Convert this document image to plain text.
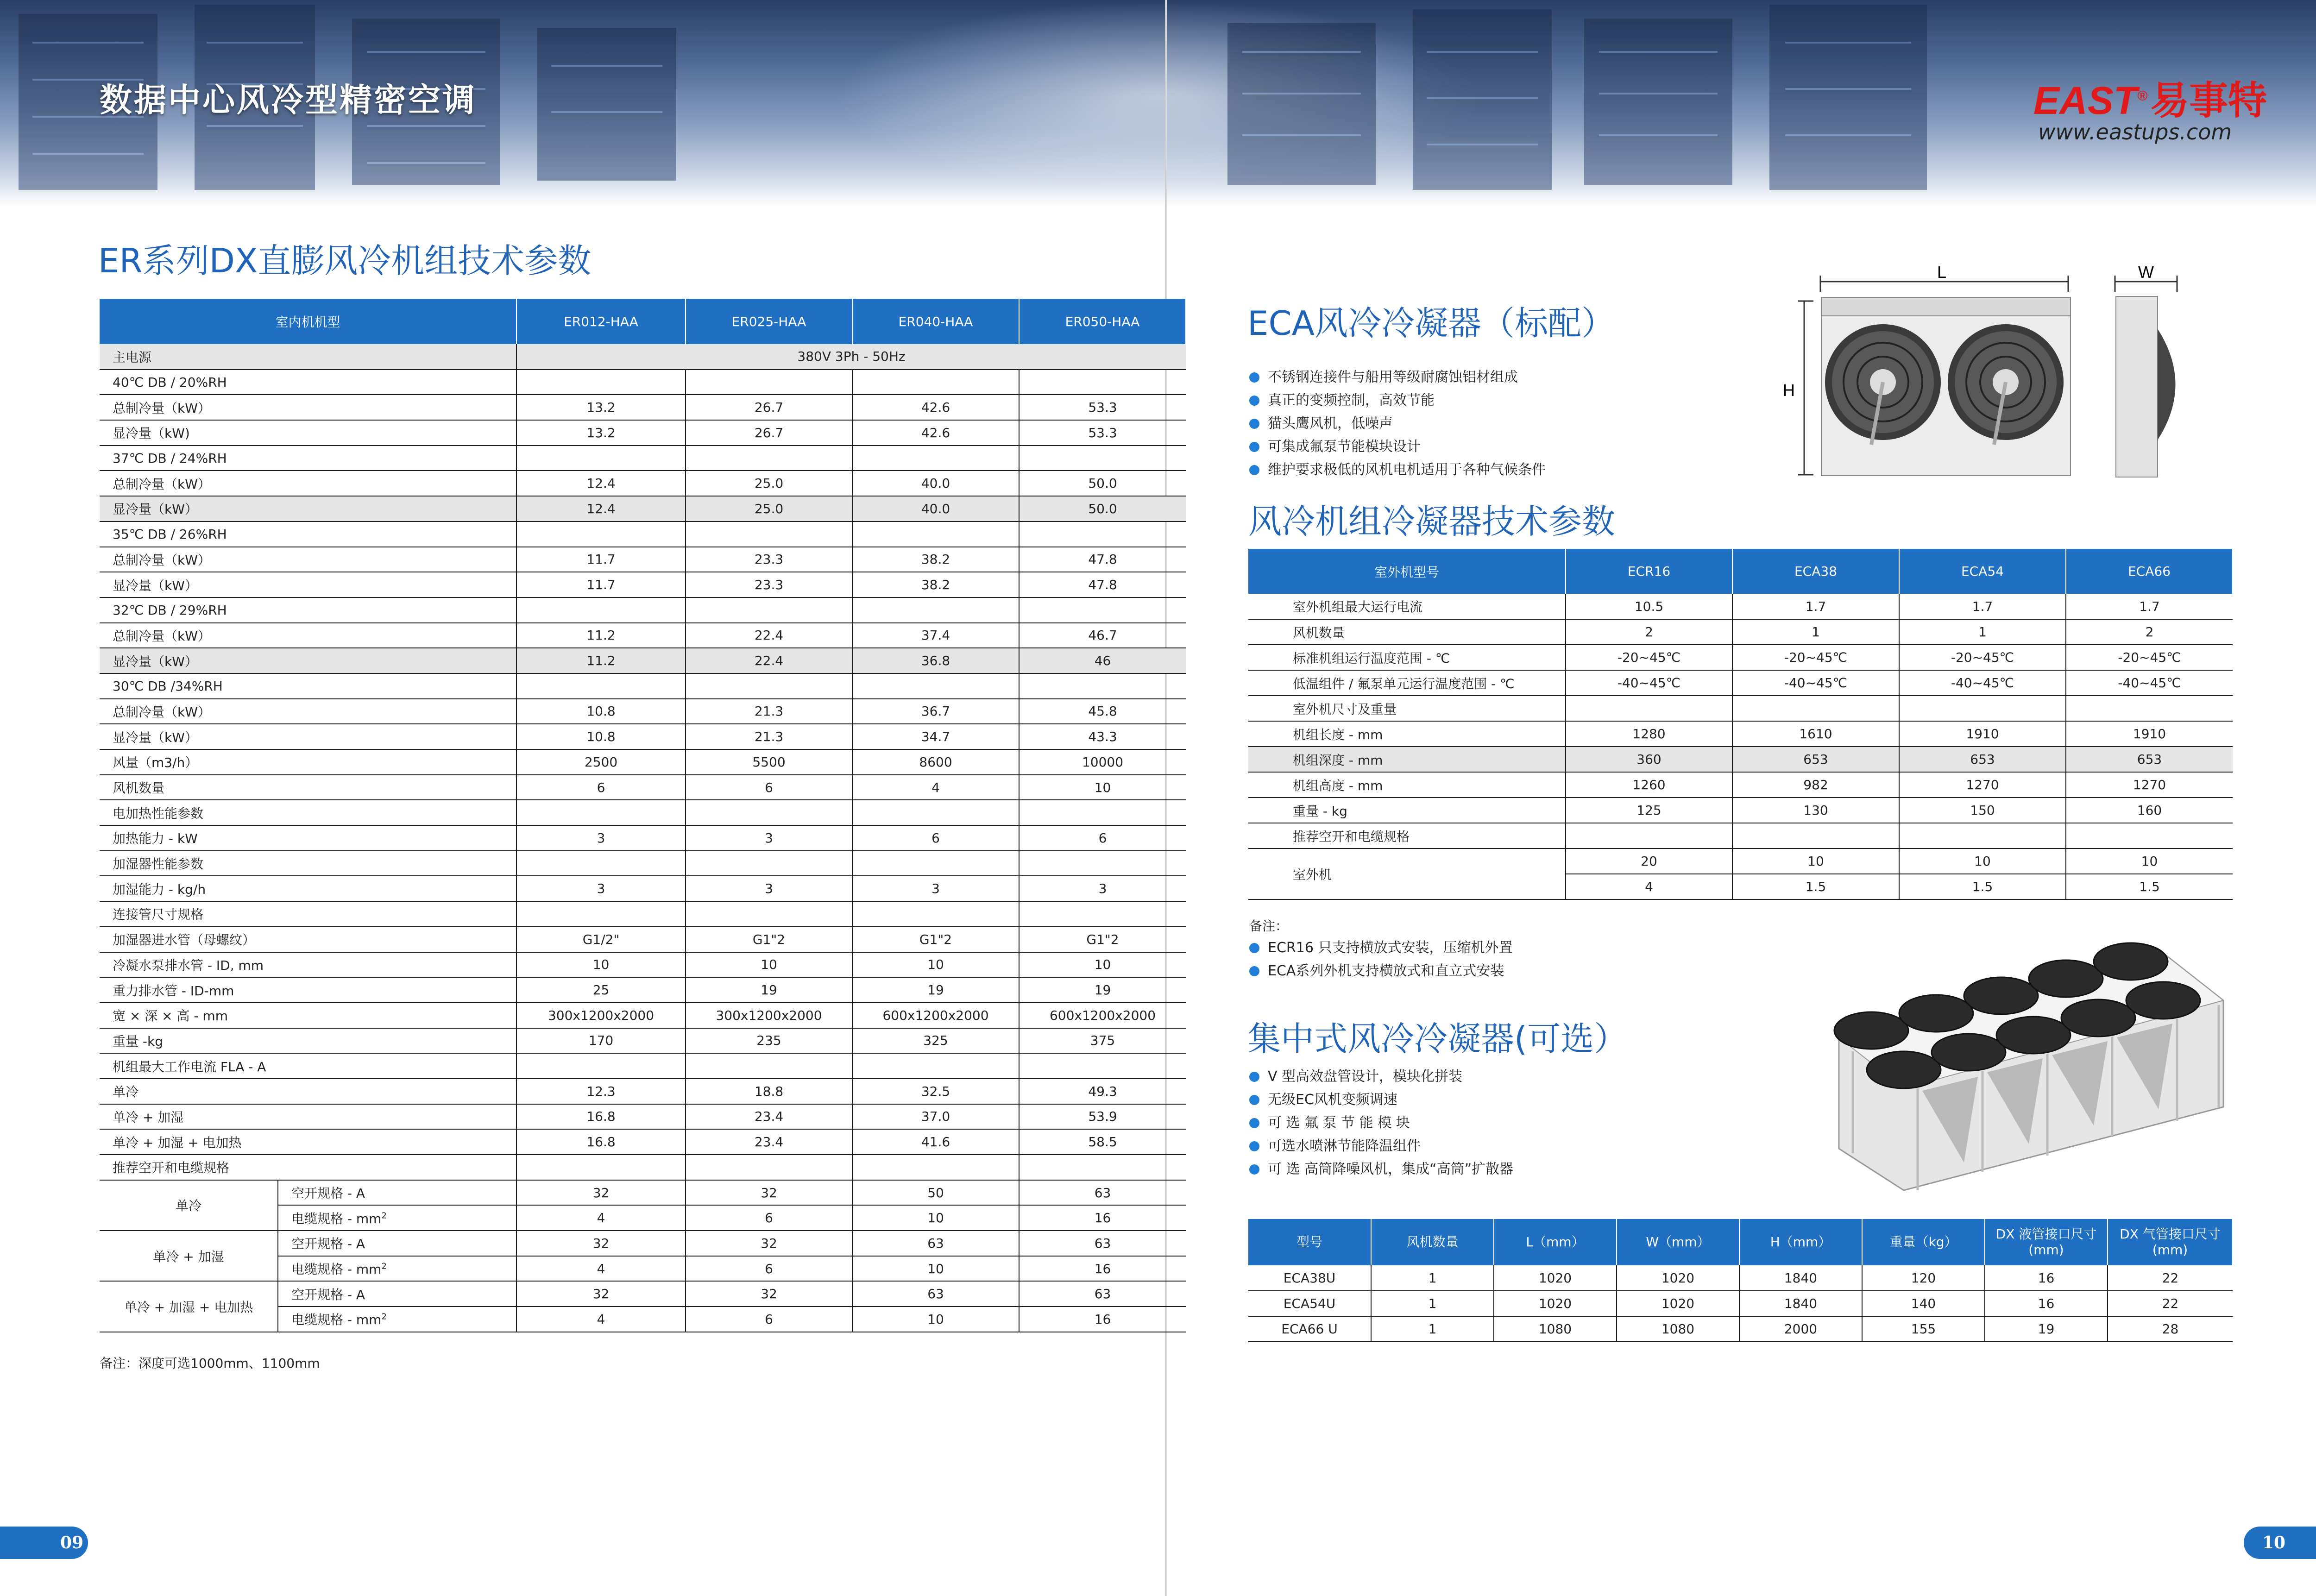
数据中心风冷型精密空调	EAST®易事特
www.eastups.com
ER系列DX直膨风冷机组技术参数
室内机机型		ER012-HAA	ER025-HAA	ER040-HAA	ER050-HAA
主电源		380V 3Ph - 50Hz			
40℃ DB / 20%RH					
总制冷量（kW）		13.2	26.7	42.6	53.3
显冷量（kW)		13.2	26.7	42.6	53.3
37℃ DB / 24%RH					
总制冷量（kW）		12.4	25.0	40.0	50.0
显冷量（kW）		12.4	25.0	40.0	50.0
35℃ DB / 26%RH					
总制冷量（kW）		11.7	23.3	38.2	47.8
显冷量（kW）		11.7	23.3	38.2	47.8
32℃ DB / 29%RH					
总制冷量（kW）		11.2	22.4	37.4	46.7
显冷量（kW）		11.2	22.4	36.8	46
30℃ DB /34%RH					
总制冷量（kW）		10.8	21.3	36.7	45.8
显冷量（kW）		10.8	21.3	34.7	43.3
风量（m3/h）		2500	5500	8600	10000
风机数量		6	6	4	10
电加热性能参数					
加热能力 - kW		3	3	6	6
加湿器性能参数					
加湿能力 - kg/h		3	3	3	3
连接管尺寸规格					
加湿器进水管（母螺纹）		G1/2"	G1"2	G1"2	G1"2
冷凝水泵排水管 - ID, mm		10	10	10	10
重力排水管 - ID-mm		25	19	19	19
宽 × 深 × 高 - mm		300x1200x2000	300x1200x2000	600x1200x2000	600x1200x2000
重量 -kg		170	235	325	375
机组最大工作电流 FLA - A					
单冷		12.3	18.8	32.5	49.3
单冷 + 加湿		16.8	23.4	37.0	53.9
单冷 + 加湿 + 电加热		16.8	23.4	41.6	58.5
推荐空开和电缆规格					
单冷	空开规格 - A	32	32	50	63
	电缆规格 - $mm^2$	4	6	10	16
单冷 + 加湿	空开规格 - A	32	32	63	63
	电缆规格 - $mm^2$	4	6	10	16
单冷 + 加湿 + 电加热	空开规格 - A	32	32	63	63
	电缆规格 - $mm^2$	4	6	10	16
备注：深度可选1000mm、1100mm
09
ECA风冷冷凝器（标配）
不锈钢连接件与船用等级耐腐蚀铝材组成
真正的变频控制，高效节能
猫头鹰风机，低噪声
可集成氟泵节能模块设计
维护要求极低的风机电机适用于各种气候条件
L	W
H
风冷机组冷凝器技术参数
室外机型号	ECR16	ECA38	ECA54	ECA66
室外机组最大运行电流	10.5	1.7	1.7	1.7
风机数量	2	1	1	2
标准机组运行温度范围 - ℃	-20~45℃	-20~45℃	-20~45℃	-20~45℃
低温组件 / 氟泵单元运行温度范围 - ℃	-40~45℃	-40~45℃	-40~45℃	-40~45℃
室外机尺寸及重量				
机组长度 - mm	1280	1610	1910	1910
机组深度 - mm	360	653	653	653
机组高度 - mm	1260	982	1270	1270
重量 - kg	125	130	150	160
推荐空开和电缆规格				
室外机	20	10	10	10
	4	1.5	1.5	1.5
备注：
ECR16 只支持横放式安装，压缩机外置
ECA系列外机支持横放式和直立式安装
集中式风冷冷凝器(可选）
V 型高效盘管设计，模块化拼装
无级EC风机变频调速
可 选 氟 泵 节 能 模 块
可选水喷淋节能降温组件
可 选 高筒降噪风机，集成“高筒”扩散器
型号	风机数量	L（mm）	W（mm）	H（mm）	重量（kg）	DX 液管接口尺寸(mm)	DX 气管接口尺寸(mm)
ECA38U	1	1020	1020	1840	120	16	22
ECA54U	1	1020	1020	1840	140	16	22
ECA66 U	1	1080	1080	2000	155	19	28
10
